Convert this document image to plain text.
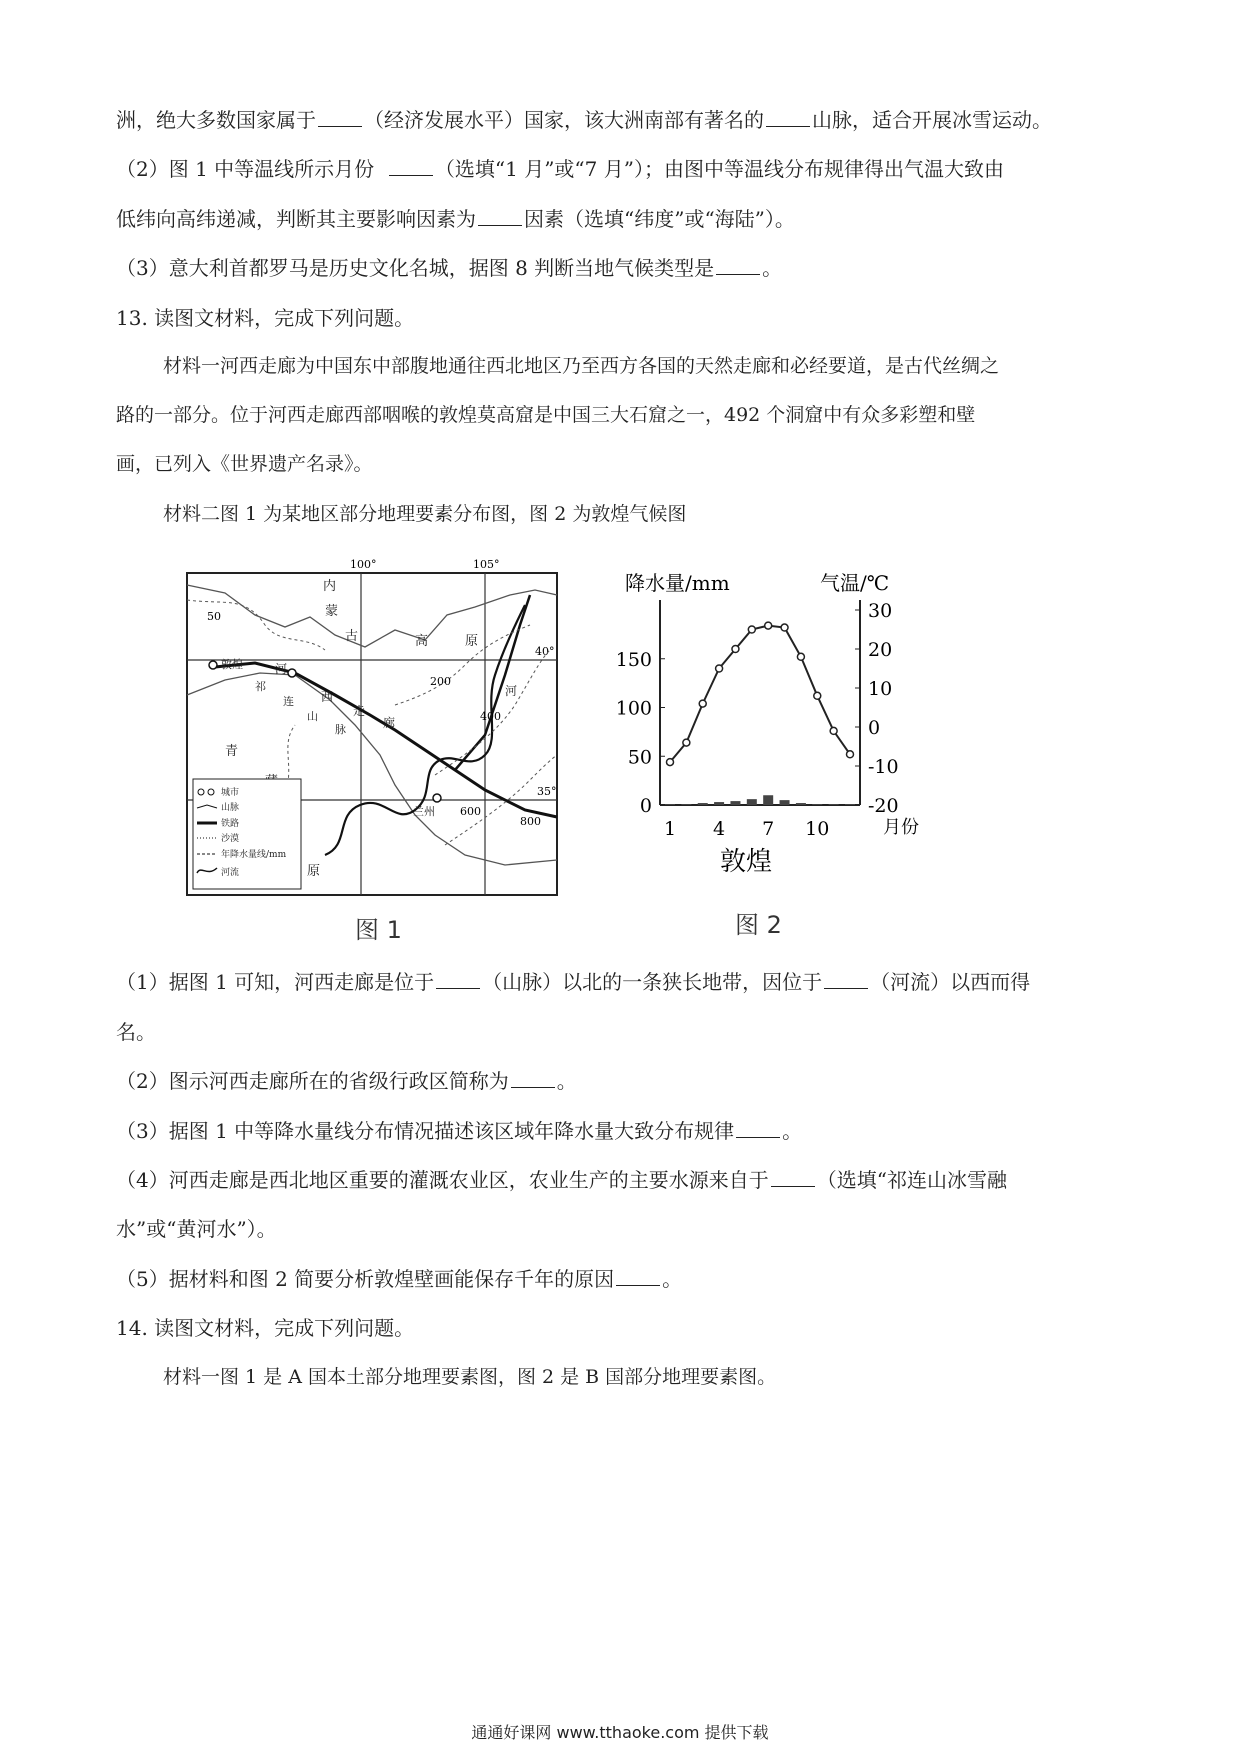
洲，绝大多数国家属于 （经济发展水平）国家，该大洲南部有著名的 山脉，适合开展冰雪运动。
（2）图 1 中等温线所示月份	（选填“1 月”或“7 月”）；由图中等温线分布规律得出气温大致由
低纬向高纬递减，判断其主要影响因素为 因素（选填“纬度”或“海陆”）。
（3）意大利首都罗马是历史文化名城，据图 8 判断当地气候类型是 。
13. 读图文材料，完成下列问题。
材料一河西走廊为中国东中部腹地通往西北地区乃至西方各国的天然走廊和必经要道，是古代丝绸之
路的一部分。位于河西走廊西部咽喉的敦煌莫高窟是中国三大石窟之一，492 个洞窟中有众多彩塑和壁
画，已列入《世界遗产名录》。
材料二图 1 为某地区部分地理要素分布图，图 2 为敦煌气候图
100°	105°
40°
35°
50
200
400
600
800
内
蒙
古	高	原
敦煌	河
西
走
廊
祁
连
山
脉
青
原
兰州
河
城市
山脉
铁路
沙漠
年降水量线/mm
河流
图 1
降水量/mm	气温/℃
0
50
100
150
30
20
10
0
-10
-20
1 4 7 10	月份
敦煌
图 2
（1）据图 1 可知，河西走廊是位于 （山脉）以北的一条狭长地带，因位于 （河流）以西而得
名。
（2）图示河西走廊所在的省级行政区简称为 。
（3）据图 1 中等降水量线分布情况描述该区域年降水量大致分布规律 。
（4）河西走廊是西北地区重要的灌溉农业区，农业生产的主要水源来自于 （选填“祁连山冰雪融
水”或“黄河水”）。
（5）据材料和图 2 简要分析敦煌壁画能保存千年的原因 。
14. 读图文材料，完成下列问题。
材料一图 1 是 A 国本土部分地理要素图，图 2 是 B 国部分地理要素图。
通通好课网 www.tthaoke.com 提供下载
